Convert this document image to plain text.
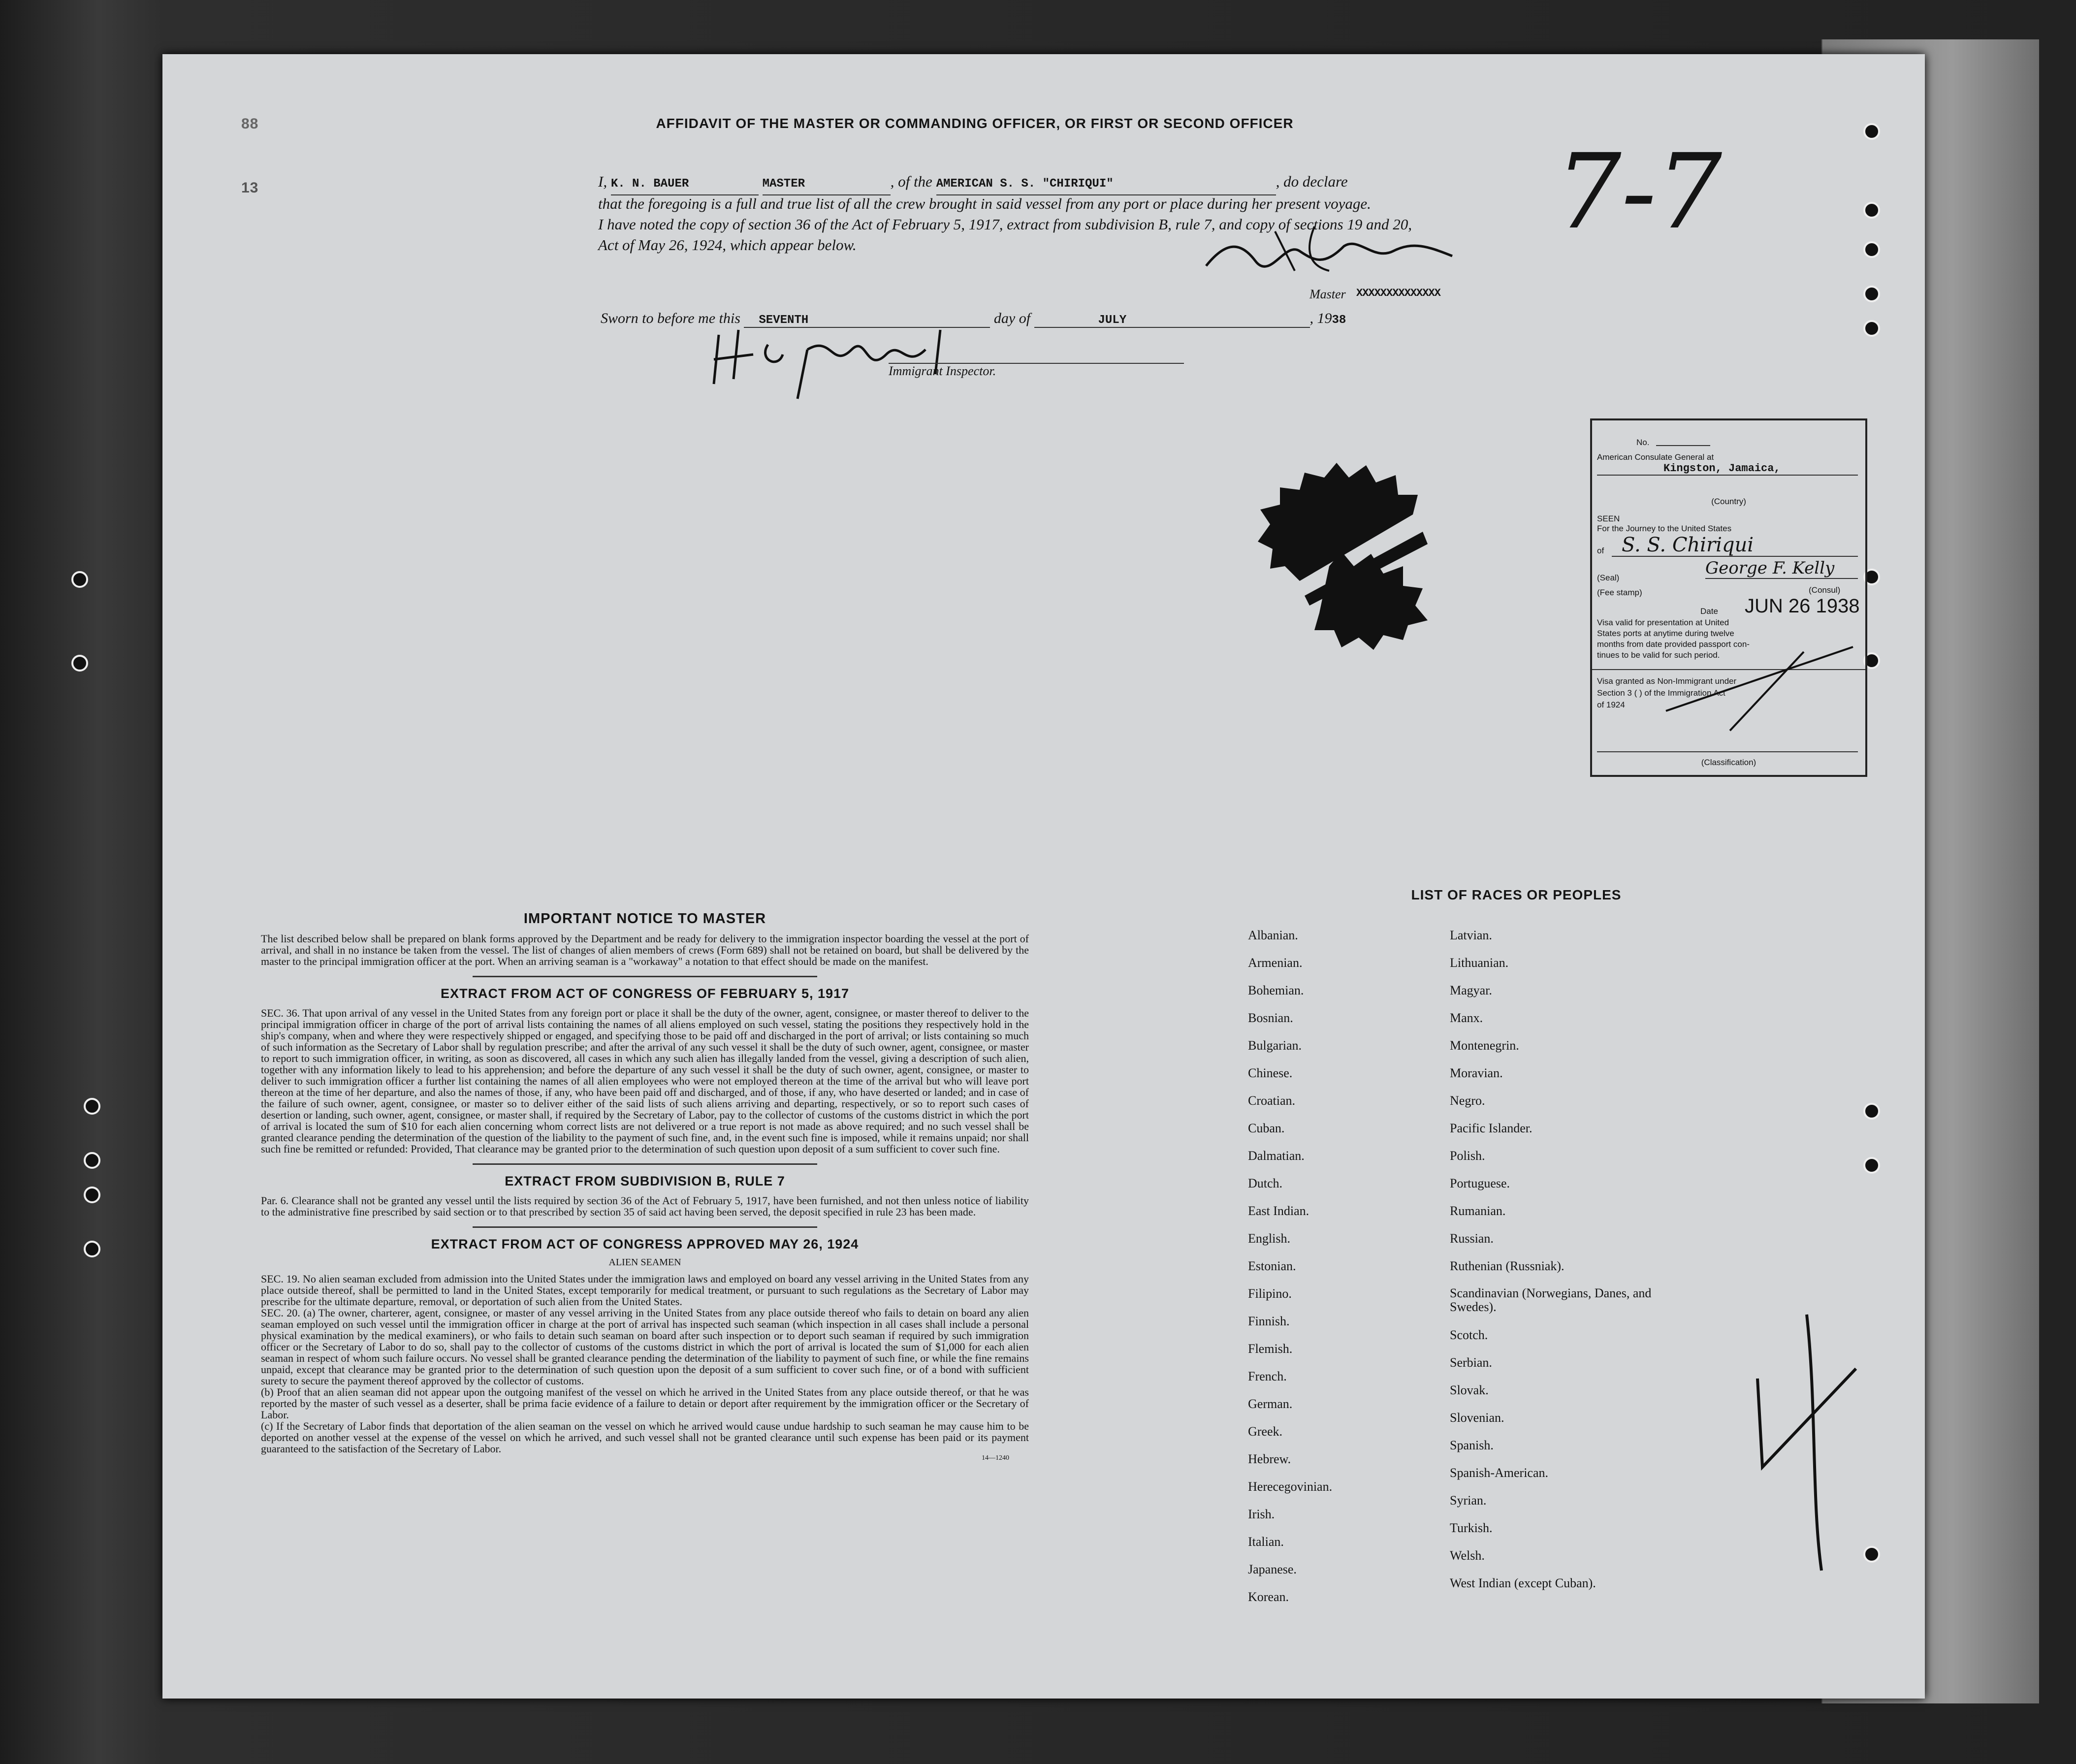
88
13
AFFIDAVIT OF THE MASTER OR COMMANDING OFFICER, OR FIRST OR SECOND OFFICER
I, K. N. BAUER	MASTER	, of the AMERICAN S. S. "CHIRIQUI"	, do declare
that the foregoing is a full and true list of all the crew brought in said vessel from any port or place during her present voyage.
I have noted the copy of section 36 of the Act of February 5, 1917, extract from subdivision B, rule 7, and copy of sections 19 and 20,
Act of May 26, 1924, which appear below.
Master XXXXXXXXXXXXXX
Sworn to before me this SEVENTH	day of	JULY	, 1938
Immigrant Inspector.
7-7
No.
American Consulate General at
Kingston, Jamaica,
(Country)
SEEN
For the Journey to the United States
of S. S. Chiriqui
George F. Kelly
(Seal)
(Fee stamp)	(Consul)
Date JUN 26 1938
Visa valid for presentation at United
States ports at anytime during twelve
months from date provided passport con-
tinues to be valid for such period.
Visa granted as Non-Immigrant under
Section 3 ( ) of the Immigration Act
of 1924
(Classification)
IMPORTANT NOTICE TO MASTER
The list described below shall be prepared on blank forms approved by the Department and be ready for delivery to the immigration inspector boarding the vessel at the port of arrival, and shall in no instance be taken from the vessel. The list of changes of alien members of crews (Form 689) shall not be retained on board, but shall be delivered by the master to the principal immigration officer at the port. When an arriving seaman is a "workaway" a notation to that effect should be made on the manifest.
EXTRACT FROM ACT OF CONGRESS OF FEBRUARY 5, 1917
SEC. 36. That upon arrival of any vessel in the United States from any foreign port or place it shall be the duty of the owner, agent, consignee, or master thereof to deliver to the principal immigration officer in charge of the port of arrival lists containing the names of all aliens employed on such vessel, stating the positions they respectively hold in the ship's company, when and where they were respectively shipped or engaged, and specifying those to be paid off and discharged in the port of arrival; or lists containing so much of such information as the Secretary of Labor shall by regulation prescribe; and after the arrival of any such vessel it shall be the duty of such owner, agent, consignee, or master to report to such immigration officer, in writing, as soon as discovered, all cases in which any such alien has illegally landed from the vessel, giving a description of such alien, together with any information likely to lead to his apprehension; and before the departure of any such vessel it shall be the duty of such owner, agent, consignee, or master to deliver to such immigration officer a further list containing the names of all alien employees who were not employed thereon at the time of the arrival but who will leave port thereon at the time of her departure, and also the names of those, if any, who have been paid off and discharged, and of those, if any, who have deserted or landed; and in case of the failure of such owner, agent, consignee, or master so to deliver either of the said lists of such aliens arriving and departing, respectively, or so to report such cases of desertion or landing, such owner, agent, consignee, or master shall, if required by the Secretary of Labor, pay to the collector of customs of the customs district in which the port of arrival is located the sum of $10 for each alien concerning whom correct lists are not delivered or a true report is not made as above required; and no such vessel shall be granted clearance pending the determination of the question of the liability to the payment of such fine, and, in the event such fine is imposed, while it remains unpaid; nor shall such fine be remitted or refunded: Provided, That clearance may be granted prior to the determination of such question upon deposit of a sum sufficient to cover such fine.
EXTRACT FROM SUBDIVISION B, RULE 7
Par. 6. Clearance shall not be granted any vessel until the lists required by section 36 of the Act of February 5, 1917, have been furnished, and not then unless notice of liability to the administrative fine prescribed by said section or to that prescribed by section 35 of said act having been served, the deposit specified in rule 23 has been made.
EXTRACT FROM ACT OF CONGRESS APPROVED MAY 26, 1924
ALIEN SEAMEN
SEC. 19. No alien seaman excluded from admission into the United States under the immigration laws and employed on board any vessel arriving in the United States from any place outside thereof, shall be permitted to land in the United States, except temporarily for medical treatment, or pursuant to such regulations as the Secretary of Labor may prescribe for the ultimate departure, removal, or deportation of such alien from the United States.
SEC. 20. (a) The owner, charterer, agent, consignee, or master of any vessel arriving in the United States from any place outside thereof who fails to detain on board any alien seaman employed on such vessel until the immigration officer in charge at the port of arrival has inspected such seaman (which inspection in all cases shall include a personal physical examination by the medical examiners), or who fails to detain such seaman on board after such inspection or to deport such seaman if required by such immigration officer or the Secretary of Labor to do so, shall pay to the collector of customs of the customs district in which the port of arrival is located the sum of $1,000 for each alien seaman in respect of whom such failure occurs. No vessel shall be granted clearance pending the determination of the liability to payment of such fine, or while the fine remains unpaid, except that clearance may be granted prior to the determination of such question upon the deposit of a sum sufficient to cover such fine, or of a bond with sufficient surety to secure the payment thereof approved by the collector of customs.
(b) Proof that an alien seaman did not appear upon the outgoing manifest of the vessel on which he arrived in the United States from any place outside thereof, or that he was reported by the master of such vessel as a deserter, shall be prima facie evidence of a failure to detain or deport after requirement by the immigration officer or the Secretary of Labor.
(c) If the Secretary of Labor finds that deportation of the alien seaman on the vessel on which he arrived would cause undue hardship to such seaman he may cause him to be deported on another vessel at the expense of the vessel on which he arrived, and such vessel shall not be granted clearance until such expense has been paid or its payment guaranteed to the satisfaction of the Secretary of Labor.
14—1240
LIST OF RACES OR PEOPLES
Albanian.
Armenian.
Bohemian.
Bosnian.
Bulgarian.
Chinese.
Croatian.
Cuban.
Dalmatian.
Dutch.
East Indian.
English.
Estonian.
Filipino.
Finnish.
Flemish.
French.
German.
Greek.
Hebrew.
Herecegovinian.
Irish.
Italian.
Japanese.
Korean.
Latvian.
Lithuanian.
Magyar.
Manx.
Montenegrin.
Moravian.
Negro.
Pacific Islander.
Polish.
Portuguese.
Rumanian.
Russian.
Ruthenian (Russniak).
Scandinavian (Norwegians, Danes, and Swedes).
Scotch.
Serbian.
Slovak.
Slovenian.
Spanish.
Spanish-American.
Syrian.
Turkish.
Welsh.
West Indian (except Cuban).
